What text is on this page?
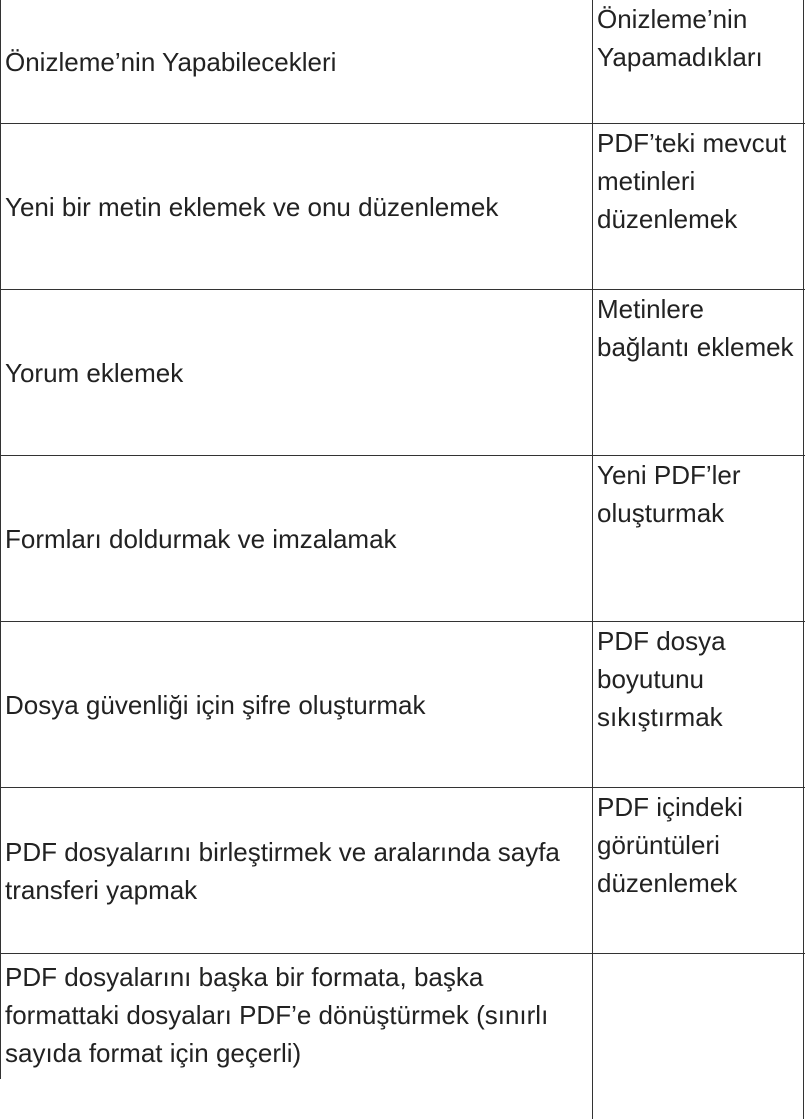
Önizleme’nin Yapabilecekleri
Önizleme’nin Yapamadıkları
Yeni bir metin eklemek ve onu düzenlemek
PDF’teki mevcut metinleri düzenlemek
Yorum eklemek
Metinlere bağlantı eklemek
Formları doldurmak ve imzalamak
Yeni PDF’ler oluşturmak
Dosya güvenliği için şifre oluşturmak
PDF dosya boyutunu sıkıştırmak
PDF dosyalarını birleştirmek ve aralarında sayfa transferi yapmak
PDF içindeki görüntüleri düzenlemek
PDF dosyalarını başka bir formata, başka formattaki dosyaları PDF’e dönüştürmek (sınırlı sayıda format için geçerli)
